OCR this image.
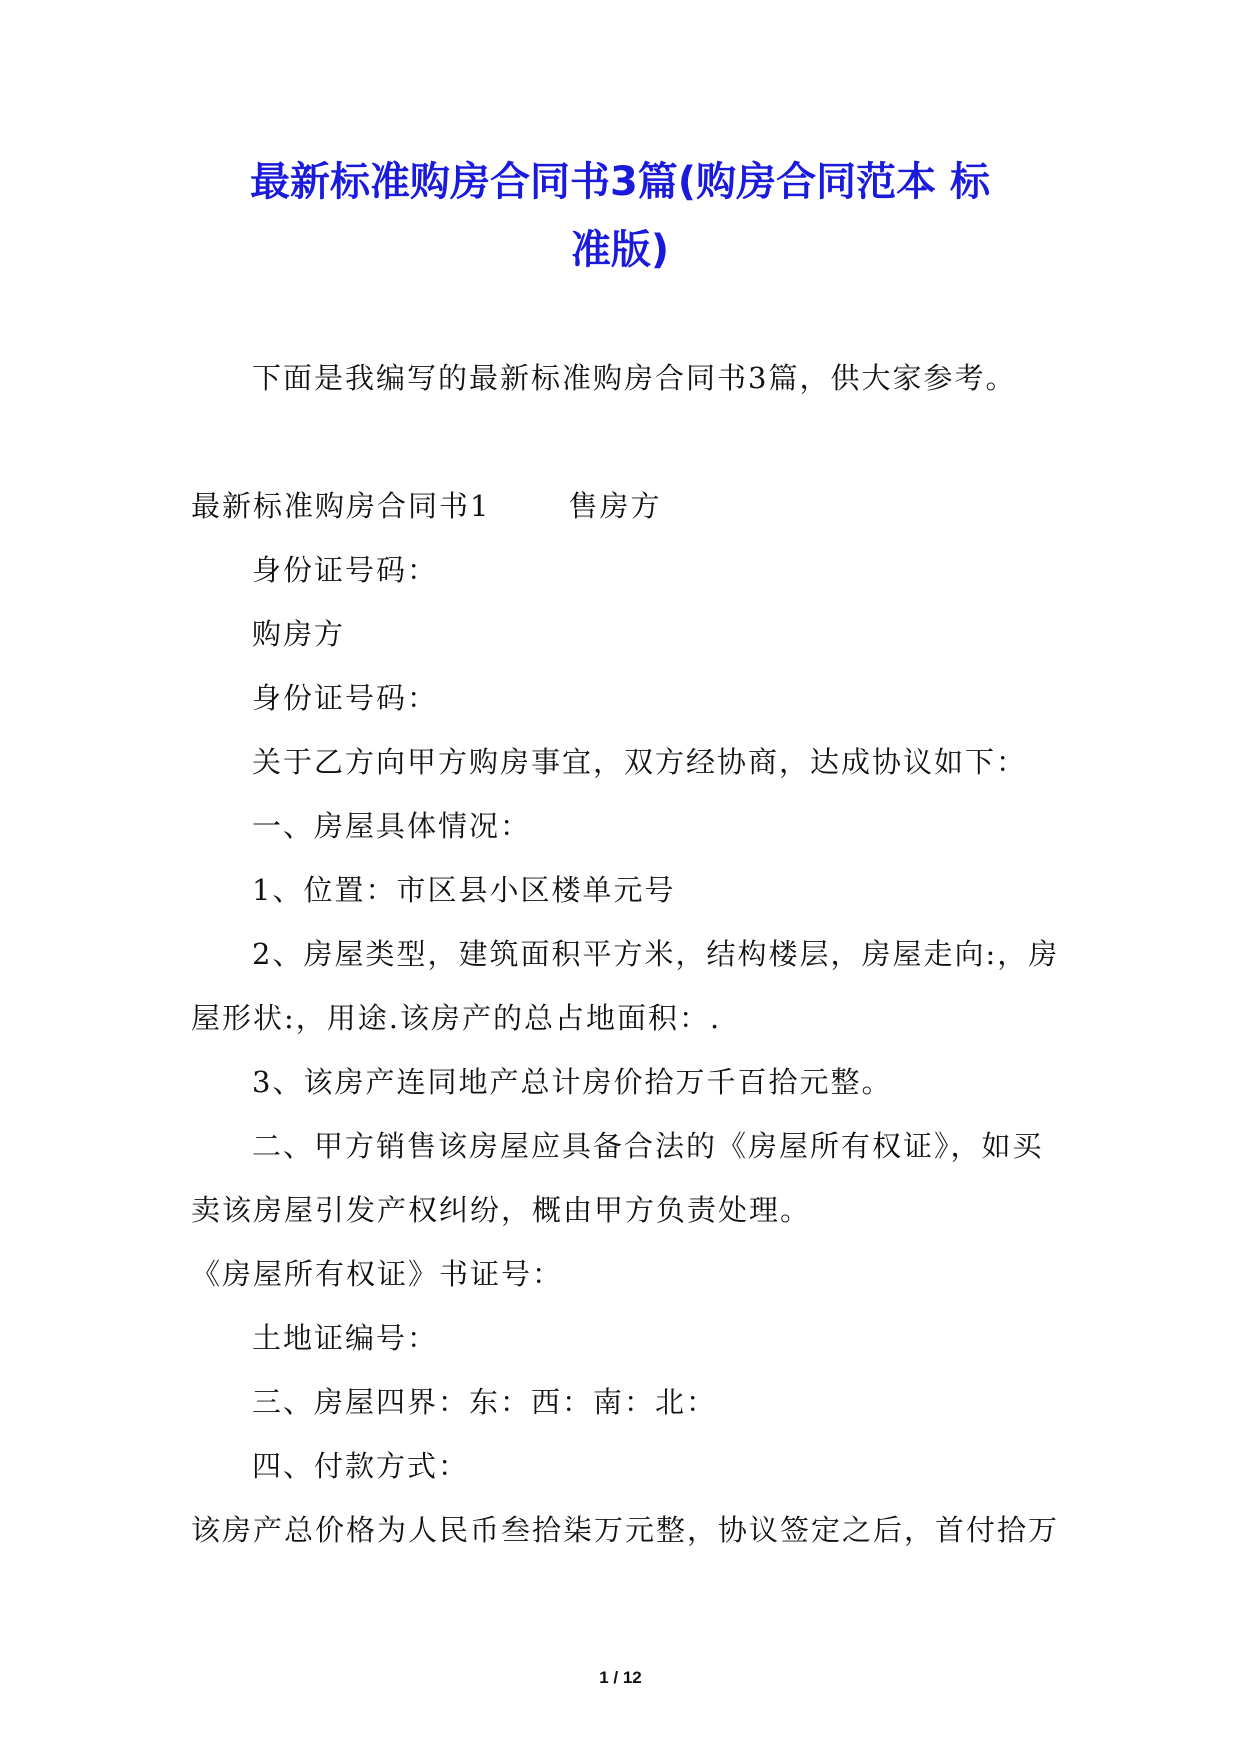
最新标准购房合同书3篇(购房合同范本 标
准版)

下面是我编写的最新标准购房合同书3篇，供大家参考。

最新标准购房合同书1	售房方

身份证号码：

购房方

身份证号码：

关于乙方向甲方购房事宜，双方经协商，达成协议如下：

一、房屋具体情况：

1、位置：市区县小区楼单元号

2、房屋类型，建筑面积平方米，结构楼层，房屋走向:，房

屋形状:，用途.该房产的总占地面积：.

3、该房产连同地产总计房价拾万千百拾元整。

二、甲方销售该房屋应具备合法的《房屋所有权证》，如买

卖该房屋引发产权纠纷，概由甲方负责处理。

《房屋所有权证》书证号：

土地证编号：

三、房屋四界：东：西：南：北：

四、付款方式：

该房产总价格为人民币叁拾柒万元整，协议签定之后，首付拾万

1 / 12
